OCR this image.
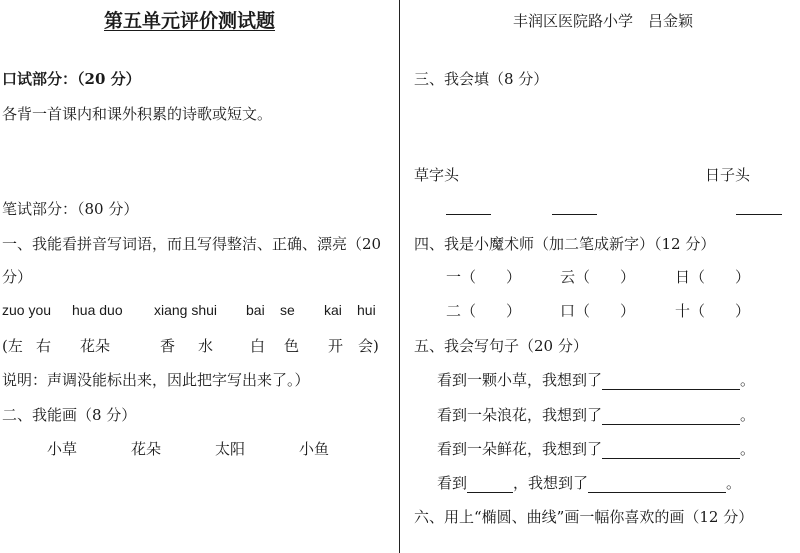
第五单元评价测试题
口试部分：（20 分）
各背一首课内和课外积累的诗歌或短文。
笔试部分：（80 分）
一、我能看拼音写词语，而且写得整洁、正确、漂亮（20
分）
zuo you hua duo xiang shui bai se kai hui
(左 右 花朵	香 水 白 色 开 会)
说明：声调没能标出来，因此把字写出来了。）
二、我能画（8 分）
小草	花朵	太阳	小鱼
丰润区医院路小学　吕金颖
三、我会填（8 分）
草字头	日子头
四、我是小魔术师（加二笔成新字）（12 分）
一（　　）	云（　　）	日（　　）
二（　　）	口（　　）	十（　　）
五、我会写句子（20 分）
看到一颗小草，我想到了	。
看到一朵浪花，我想到了	。
看到一朵鲜花，我想到了	。
看到	，我想到了	。
六、用上“椭圆、曲线”画一幅你喜欢的画（12 分）
